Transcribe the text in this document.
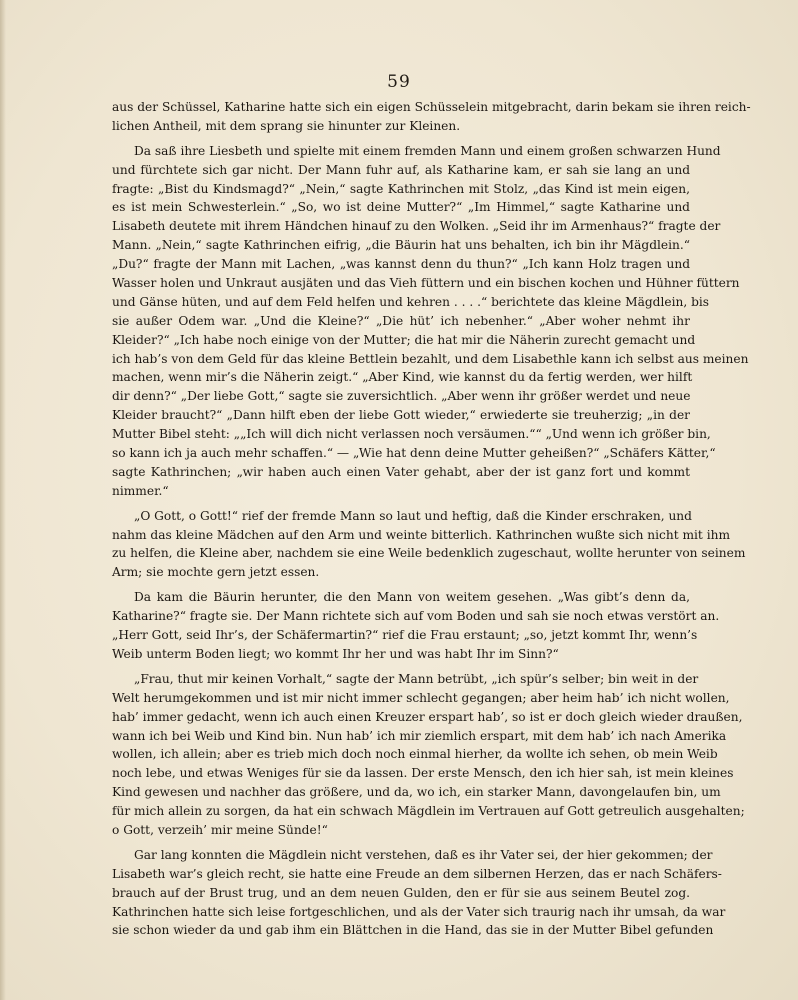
59
aus der Schüssel, Katharine hatte sich ein eigen Schüsselein mitgebracht, darin bekam sie ihren reich-
lichen Antheil, mit dem sprang sie hinunter zur Kleinen.
Da saß ihre Liesbeth und spielte mit einem fremden Mann und einem großen schwarzen Hund
und fürchtete sich gar nicht. Der Mann fuhr auf, als Katharine kam, er sah sie lang an und
fragte: „Bist du Kindsmagd?“ „Nein,“ sagte Kathrinchen mit Stolz, „das Kind ist mein eigen,
es ist mein Schwesterlein.“ „So, wo ist deine Mutter?“ „Im Himmel,“ sagte Katharine und
Lisabeth deutete mit ihrem Händchen hinauf zu den Wolken. „Seid ihr im Armenhaus?“ fragte der
Mann. „Nein,“ sagte Kathrinchen eifrig, „die Bäurin hat uns behalten, ich bin ihr Mägdlein.“
„Du?“ fragte der Mann mit Lachen, „was kannst denn du thun?“ „Ich kann Holz tragen und
Wasser holen und Unkraut ausjäten und das Vieh füttern und ein bischen kochen und Hühner füttern
und Gänse hüten, und auf dem Feld helfen und kehren . . . .“ berichtete das kleine Mägdlein, bis
sie außer Odem war. „Und die Kleine?“ „Die hüt’ ich nebenher.“ „Aber woher nehmt ihr
Kleider?“ „Ich habe noch einige von der Mutter; die hat mir die Näherin zurecht gemacht und
ich hab’s von dem Geld für das kleine Bettlein bezahlt, und dem Lisabethle kann ich selbst aus meinen
machen, wenn mir’s die Näherin zeigt.“ „Aber Kind, wie kannst du da fertig werden, wer hilft
dir denn?“ „Der liebe Gott,“ sagte sie zuversichtlich. „Aber wenn ihr größer werdet und neue
Kleider braucht?“ „Dann hilft eben der liebe Gott wieder,“ erwiederte sie treuherzig; „in der
Mutter Bibel steht: „„Ich will dich nicht verlassen noch versäumen.““ „Und wenn ich größer bin,
so kann ich ja auch mehr schaffen.“ — „Wie hat denn deine Mutter geheißen?“ „Schäfers Kätter,“
sagte Kathrinchen; „wir haben auch einen Vater gehabt, aber der ist ganz fort und kommt
nimmer.“
„O Gott, o Gott!“ rief der fremde Mann so laut und heftig, daß die Kinder erschraken, und
nahm das kleine Mädchen auf den Arm und weinte bitterlich. Kathrinchen wußte sich nicht mit ihm
zu helfen, die Kleine aber, nachdem sie eine Weile bedenklich zugeschaut, wollte herunter von seinem
Arm; sie mochte gern jetzt essen.
Da kam die Bäurin herunter, die den Mann von weitem gesehen. „Was gibt’s denn da,
Katharine?“ fragte sie. Der Mann richtete sich auf vom Boden und sah sie noch etwas verstört an.
„Herr Gott, seid Ihr’s, der Schäfermartin?“ rief die Frau erstaunt; „so, jetzt kommt Ihr, wenn’s
Weib unterm Boden liegt; wo kommt Ihr her und was habt Ihr im Sinn?“
„Frau, thut mir keinen Vorhalt,“ sagte der Mann betrübt, „ich spür’s selber; bin weit in der
Welt herumgekommen und ist mir nicht immer schlecht gegangen; aber heim hab’ ich nicht wollen,
hab’ immer gedacht, wenn ich auch einen Kreuzer erspart hab’, so ist er doch gleich wieder draußen,
wann ich bei Weib und Kind bin. Nun hab’ ich mir ziemlich erspart, mit dem hab’ ich nach Amerika
wollen, ich allein; aber es trieb mich doch noch einmal hierher, da wollte ich sehen, ob mein Weib
noch lebe, und etwas Weniges für sie da lassen. Der erste Mensch, den ich hier sah, ist mein kleines
Kind gewesen und nachher das größere, und da, wo ich, ein starker Mann, davongelaufen bin, um
für mich allein zu sorgen, da hat ein schwach Mägdlein im Vertrauen auf Gott getreulich ausgehalten;
o Gott, verzeih’ mir meine Sünde!“
Gar lang konnten die Mägdlein nicht verstehen, daß es ihr Vater sei, der hier gekommen; der
Lisabeth war’s gleich recht, sie hatte eine Freude an dem silbernen Herzen, das er nach Schäfers-
brauch auf der Brust trug, und an dem neuen Gulden, den er für sie aus seinem Beutel zog.
Kathrinchen hatte sich leise fortgeschlichen, und als der Vater sich traurig nach ihr umsah, da war
sie schon wieder da und gab ihm ein Blättchen in die Hand, das sie in der Mutter Bibel gefunden
